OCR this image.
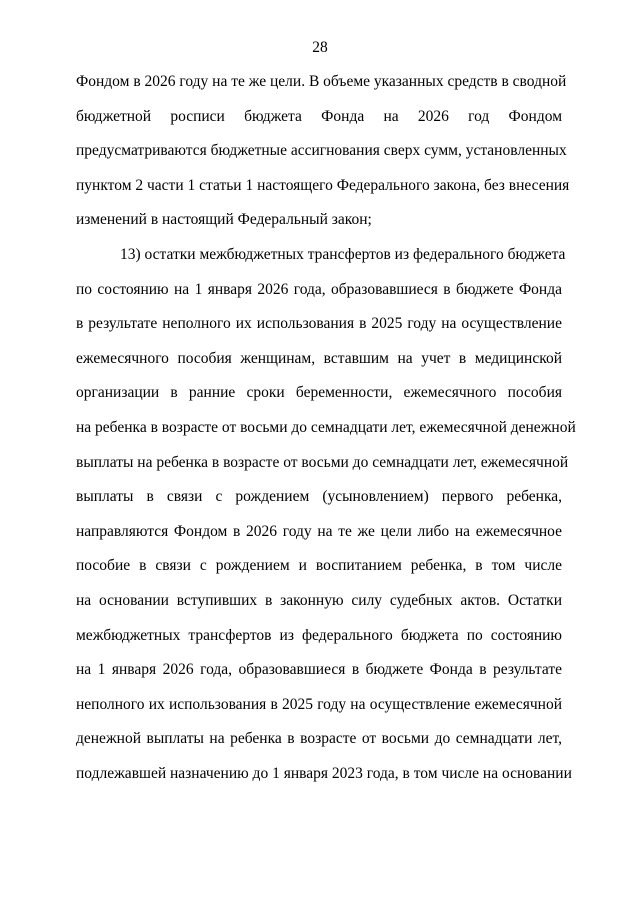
28
Фондом в 2026 году на те же цели. В объеме указанных средств в сводной
бюджетной росписи бюджета Фонда на 2026 год Фондом
предусматриваются бюджетные ассигнования сверх сумм, установленных
пунктом 2 части 1 статьи 1 настоящего Федерального закона, без внесения
изменений в настоящий Федеральный закон;
13) остатки межбюджетных трансфертов из федерального бюджета
по состоянию на 1 января 2026 года, образовавшиеся в бюджете Фонда
в результате неполного их использования в 2025 году на осуществление
ежемесячного пособия женщинам, вставшим на учет в медицинской
организации в ранние сроки беременности, ежемесячного пособия
на ребенка в возрасте от восьми до семнадцати лет, ежемесячной денежной
выплаты на ребенка в возрасте от восьми до семнадцати лет, ежемесячной
выплаты в связи с рождением (усыновлением) первого ребенка,
направляются Фондом в 2026 году на те же цели либо на ежемесячное
пособие в связи с рождением и воспитанием ребенка, в том числе
на основании вступивших в законную силу судебных актов. Остатки
межбюджетных трансфертов из федерального бюджета по состоянию
на 1 января 2026 года, образовавшиеся в бюджете Фонда в результате
неполного их использования в 2025 году на осуществление ежемесячной
денежной выплаты на ребенка в возрасте от восьми до семнадцати лет,
подлежавшей назначению до 1 января 2023 года, в том числе на основании
